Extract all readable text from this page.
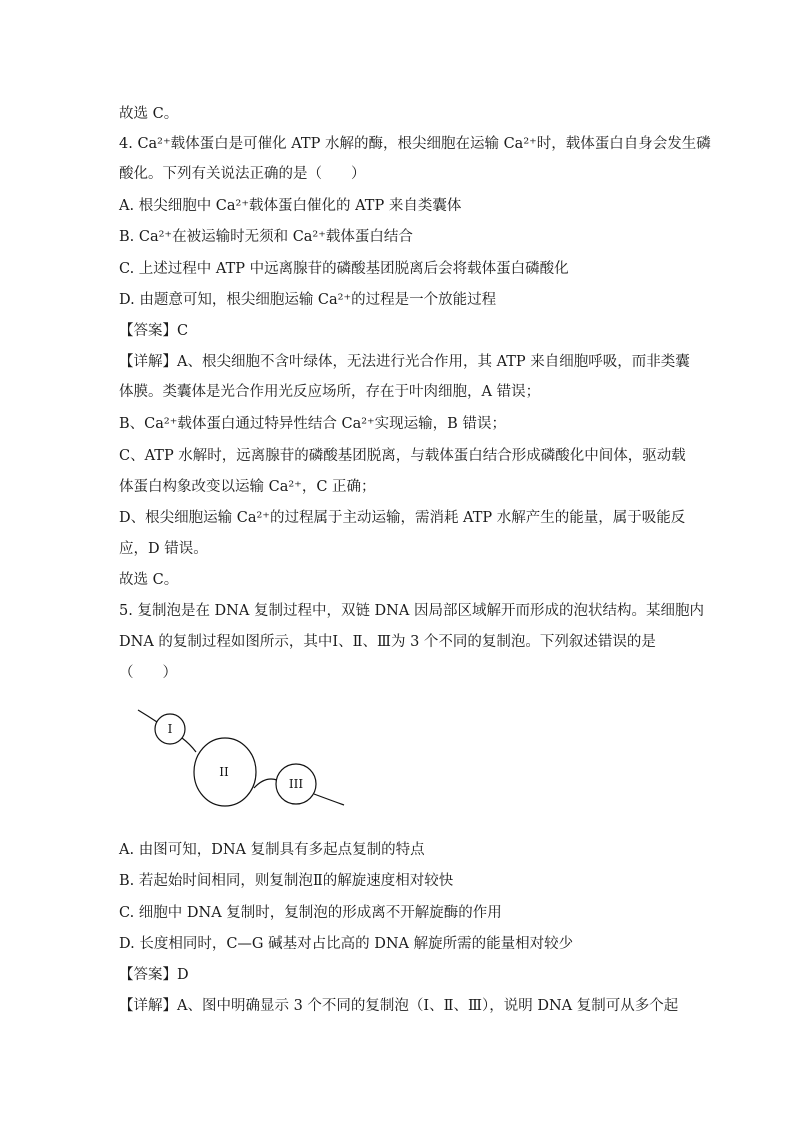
故选 C。
4. Ca²⁺载体蛋白是可催化 ATP 水解的酶，根尖细胞在运输 Ca²⁺时，载体蛋白自身会发生磷
酸化。下列有关说法正确的是（　　）
A. 根尖细胞中 Ca²⁺载体蛋白催化的 ATP 来自类囊体
B. Ca²⁺在被运输时无须和 Ca²⁺载体蛋白结合
C. 上述过程中 ATP 中远离腺苷的磷酸基团脱离后会将载体蛋白磷酸化
D. 由题意可知，根尖细胞运输 Ca²⁺的过程是一个放能过程
【答案】C
【详解】A、根尖细胞不含叶绿体，无法进行光合作用，其 ATP 来自细胞呼吸，而非类囊
体膜。类囊体是光合作用光反应场所，存在于叶肉细胞，A 错误；
B、Ca²⁺载体蛋白通过特异性结合 Ca²⁺实现运输，B 错误；
C、ATP 水解时，远离腺苷的磷酸基团脱离，与载体蛋白结合形成磷酸化中间体，驱动载
体蛋白构象改变以运输 Ca²⁺，C 正确；
D、根尖细胞运输 Ca²⁺的过程属于主动运输，需消耗 ATP 水解产生的能量，属于吸能反
应，D 错误。
故选 C。
5. 复制泡是在 DNA 复制过程中，双链 DNA 因局部区域解开而形成的泡状结构。某细胞内
DNA 的复制过程如图所示，其中Ⅰ、Ⅱ、Ⅲ为 3 个不同的复制泡。下列叙述错误的是
（　　）
I
II
III
A. 由图可知，DNA 复制具有多起点复制的特点
B. 若起始时间相同，则复制泡Ⅱ的解旋速度相对较快
C. 细胞中 DNA 复制时，复制泡的形成离不开解旋酶的作用
D. 长度相同时，C—G 碱基对占比高的 DNA 解旋所需的能量相对较少
【答案】D
【详解】A、图中明确显示 3 个不同的复制泡（Ⅰ、Ⅱ、Ⅲ），说明 DNA 复制可从多个起
